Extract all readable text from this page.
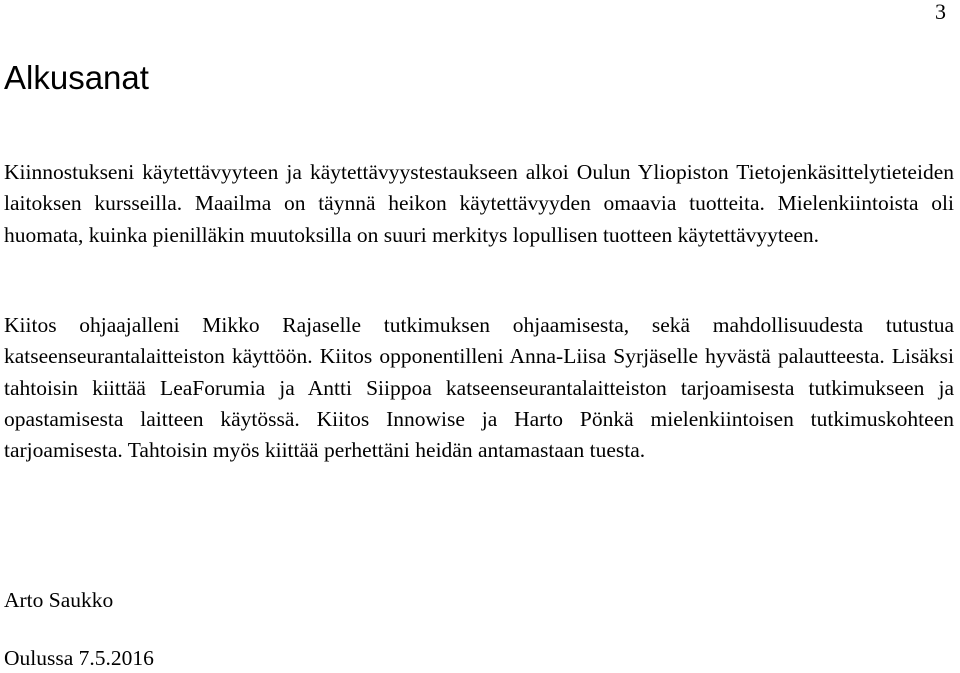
3
Alkusanat

Kiinnostukseni käytettävyyteen ja käytettävyystestaukseen alkoi Oulun Yliopiston Tietojenkäsittelytieteiden laitoksen kursseilla. Maailma on täynnä heikon käytettävyyden omaavia tuotteita. Mielenkiintoista oli huomata, kuinka pienilläkin muutoksilla on suuri merkitys lopullisen tuotteen käytettävyyteen.

Kiitos ohjaajalleni Mikko Rajaselle tutkimuksen ohjaamisesta, sekä mahdollisuudesta tutustua katseenseurantalaitteiston käyttöön. Kiitos opponentilleni Anna-Liisa Syrjäselle hyvästä palautteesta. Lisäksi tahtoisin kiittää LeaForumia ja Antti Siippoa katseenseurantalaitteiston tarjoamisesta tutkimukseen ja opastamisesta laitteen käytössä. Kiitos Innowise ja Harto Pönkä mielenkiintoisen tutkimuskohteen tarjoamisesta. Tahtoisin myös kiittää perhettäni heidän antamastaan tuesta.

Arto Saukko

Oulussa 7.5.2016
